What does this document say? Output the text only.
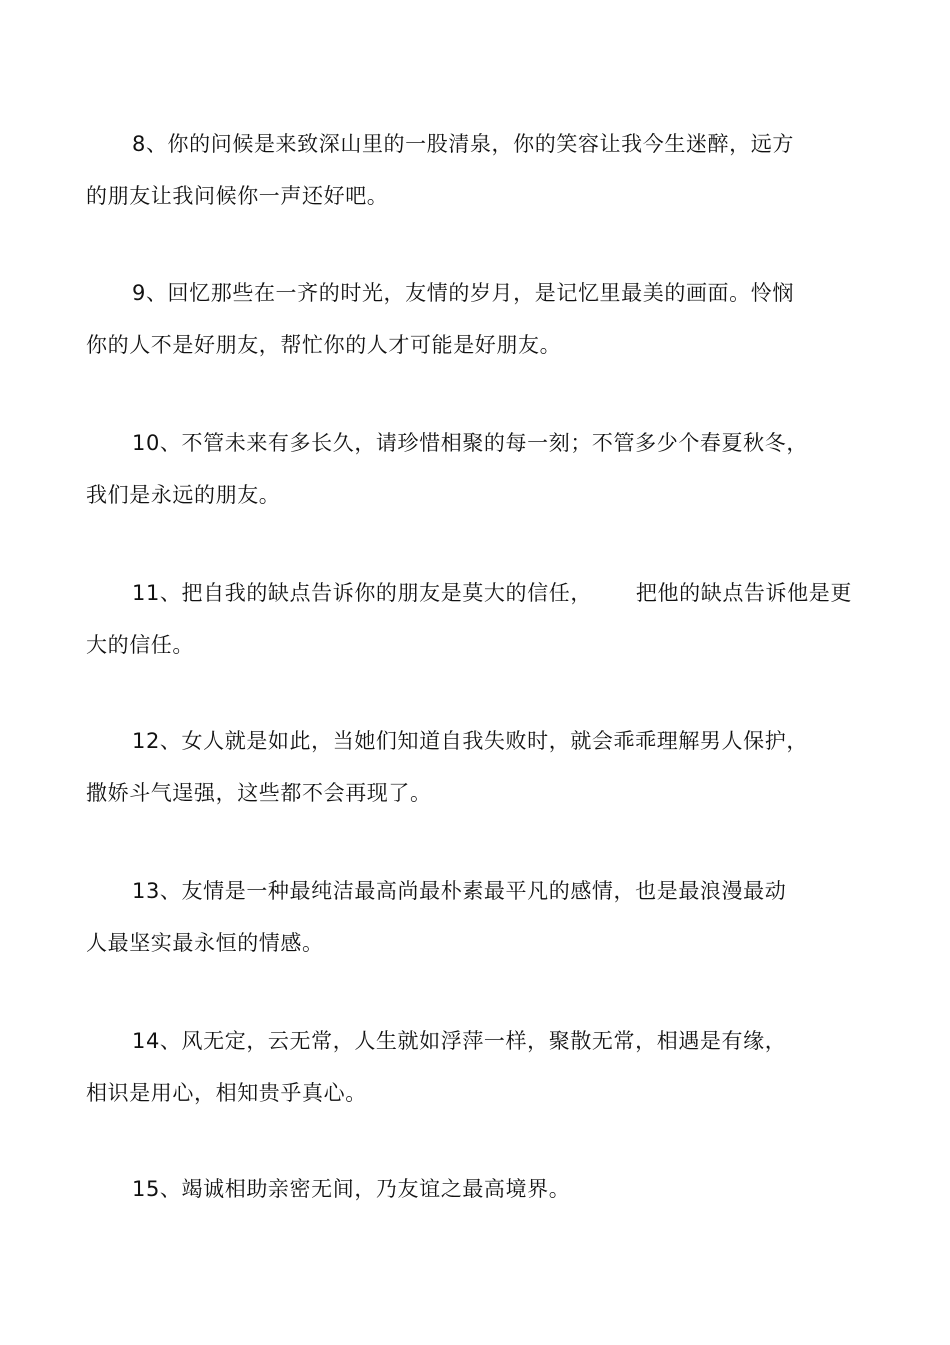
8、你的问候是来致深山里的一股清泉，你的笑容让我今生迷醉，远方
的朋友让我问候你一声还好吧。

9、回忆那些在一齐的时光，友情的岁月，是记忆里最美的画面。怜悯
你的人不是好朋友，帮忙你的人才可能是好朋友。

10、不管未来有多长久，请珍惜相聚的每一刻；不管多少个春夏秋冬，
我们是永远的朋友。

11、把自我的缺点告诉你的朋友是莫大的信任， 把他的缺点告诉他是更
大的信任。

12、女人就是如此，当她们知道自我失败时，就会乖乖理解男人保护，
撒娇斗气逞强，这些都不会再现了。

13、友情是一种最纯洁最高尚最朴素最平凡的感情，也是最浪漫最动
人最坚实最永恒的情感。

14、风无定，云无常，人生就如浮萍一样，聚散无常，相遇是有缘，
相识是用心，相知贵乎真心。

15、竭诚相助亲密无间，乃友谊之最高境界。
